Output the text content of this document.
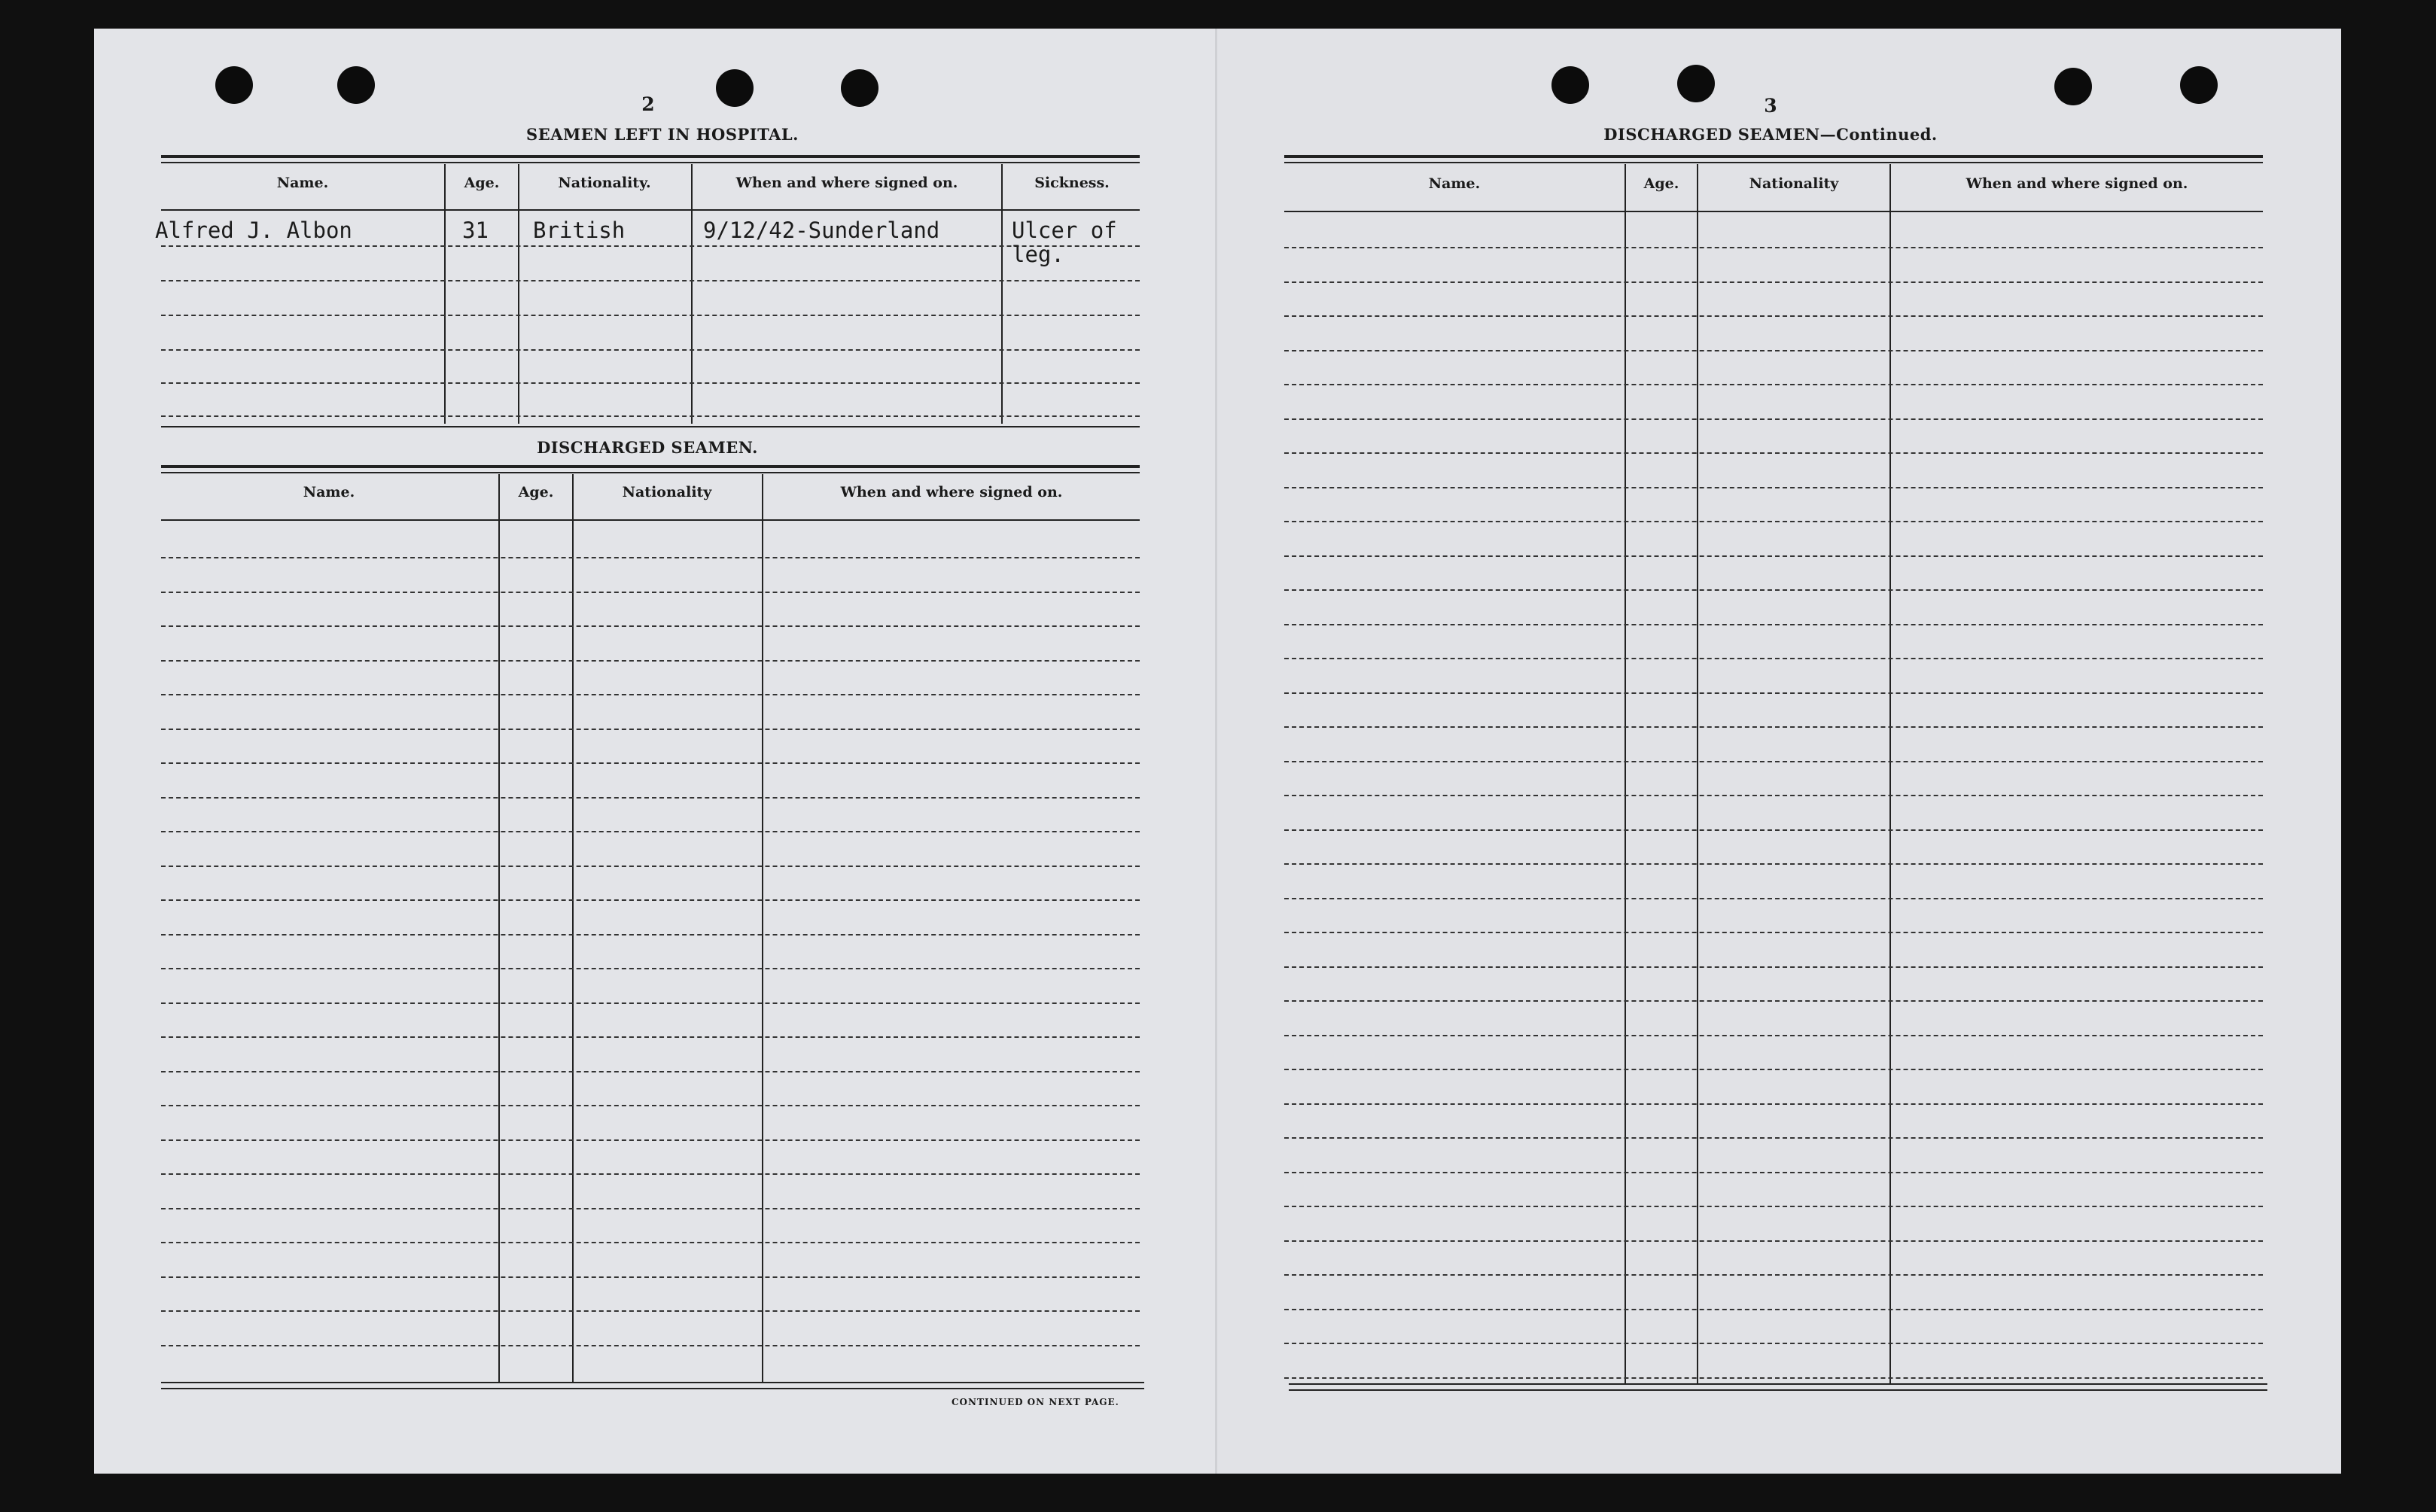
2
SEAMEN LEFT IN HOSPITAL.
Name.	Age.	Nationality.	When and where signed on.	Sickness.
Alfred J. Albon	31 British	9/12/42-Sunderland	Ulcer of
leg.
DISCHARGED SEAMEN.
Name.	Age.	Nationality	When and where signed on.
CONTINUED ON NEXT PAGE.
3
DISCHARGED SEAMEN—Continued.
Name.	Age.	Nationality	When and where signed on.
